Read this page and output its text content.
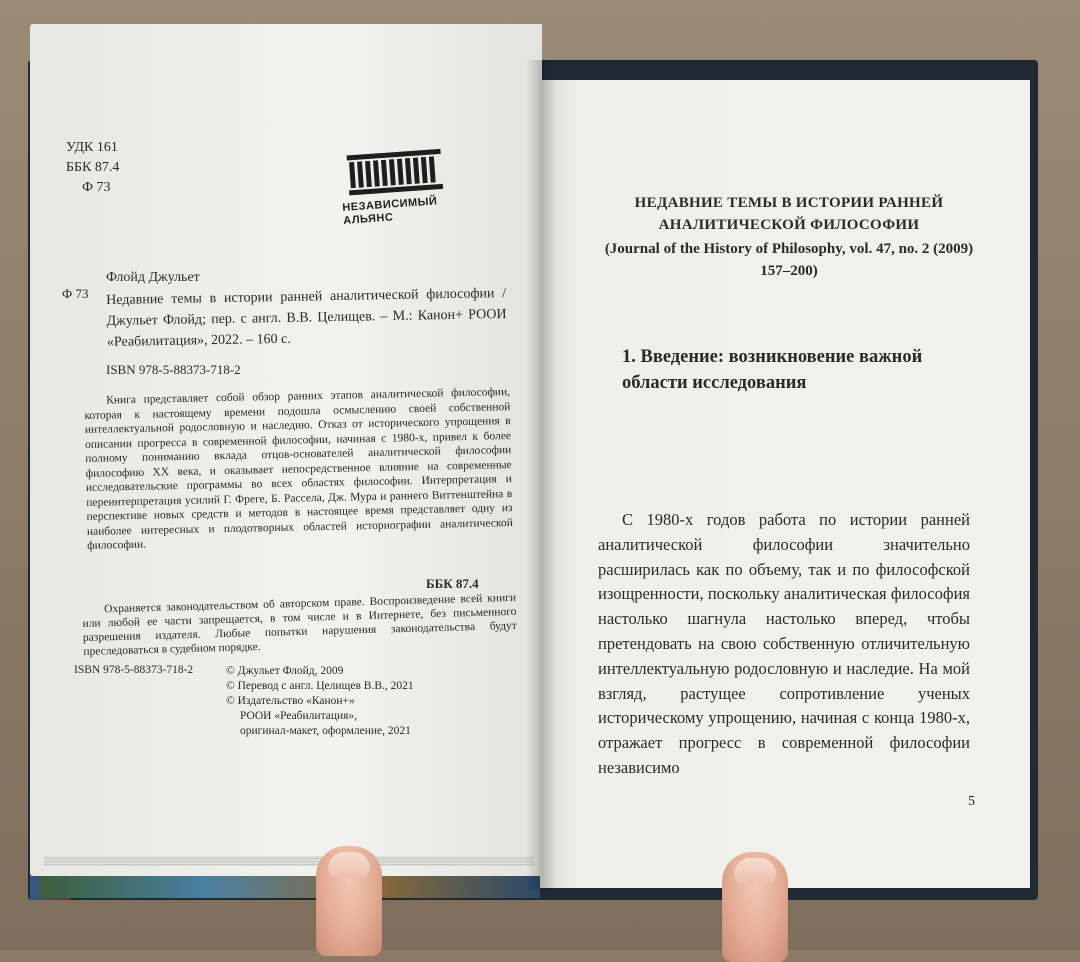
УДК 161
ББК 87.4
Ф 73
НЕЗАВИСИМЫЙ
АЛЬЯНС
Флойд Джульет
Ф 73 Недавние темы в истории ранней аналитической философии / Джульет Флойд; пер. с англ. В.В. Целищев. – М.: Канон+ РООИ «Реабилитация», 2022. – 160 с.
ISBN 978-5-88373-718-2
Книга представляет собой обзор ранних этапов аналитической философии, которая к настоящему времени подошла осмыслению своей собственной интеллектуальной родословную и наследию. Отказ от исторического упрощения в описании прогресса в современной философии, начиная с 1980-х, привел к более полному пониманию вклада отцов-основателей аналитической философии философию XX века, и оказывает непосредственное влияние на современные исследовательские программы во всех областях философии. Интерпретация и переинтерпретация усилий Г. Фреге, Б. Рассела, Дж. Мура и раннего Виттенштейна в перспективе новых средств и методов в настоящее время представляет одну из наиболее интересных и плодотворных областей историографии аналитической философии.
ББК 87.4
Охраняется законодательством об авторском праве. Воспроизведение всей книги или любой ее части запрещается, в том числе и в Интернете, без письменного разрешения издателя. Любые попытки нарушения законодательства будут преследоваться в судебном порядке.
ISBN 978-5-88373-718-2	© Джульет Флойд, 2009
© Перевод с англ. Целищев В.В., 2021
© Издательство «Канон+»
РООИ «Реабилитация»,
оригинал-макет, оформление, 2021
НЕДАВНИЕ ТЕМЫ В ИСТОРИИ РАННЕЙ АНАЛИТИЧЕСКОЙ ФИЛОСОФИИ
(Journal of the History of Philosophy, vol. 47, no. 2 (2009) 157–200)
1. Введение: возникновение важной области исследования
С 1980-х годов работа по истории ранней аналитической философии значительно расширилась как по объему, так и по философской изощренности, поскольку аналитическая философия настолько шагнула настолько вперед, чтобы претендовать на свою собственную отличительную интеллектуальную родословную и наследие. На мой взгляд, растущее сопротивление ученых историческому упрощению, начиная с конца 1980-х, отражает прогресс в современной философии независимо
5
